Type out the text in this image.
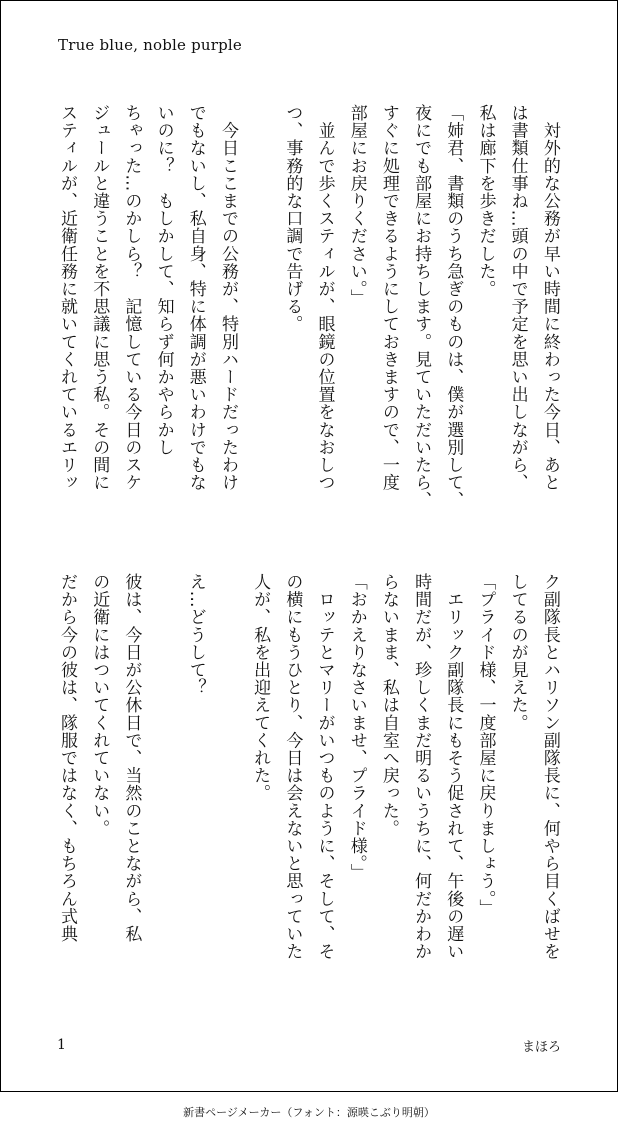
True blue, noble purple
　対外的な公務が早い時間に終わった今日、あと
は書類仕事ね…頭の中で予定を思い出しながら、
私は廊下を歩きだした。
「姉君、書類のうち急ぎのものは、僕が選別して、
夜にでも部屋にお持ちします。見ていただいたら、
すぐに処理できるようにしておきますので、一度
部屋にお戻りください。」
　並んで歩くスティルが、眼鏡の位置をなおしつ
つ、事務的な口調で告げる。
　今日ここまでの公務が、特別ハードだったわけ
でもないし、私自身、特に体調が悪いわけでもな
いのに？　もしかして、知らず何かやらかし
ちゃった…のかしら？　記憶している今日のスケ
ジュールと違うことを不思議に思う私。その間に
スティルが、近衛任務に就いてくれているエリッ
ク副隊長とハリソン副隊長に、何やら目くばせを
してるのが見えた。
「プライド様、一度部屋に戻りましょう。」
　エリック副隊長にもそう促されて、午後の遅い
時間だが、珍しくまだ明るいうちに、何だかわか
らないまま、私は自室へ戻った。
「おかえりなさいませ、プライド様。」
　ロッテとマリーがいつものように、そして、そ
の横にもうひとり、今日は会えないと思っていた
人が、私を出迎えてくれた。
え…どうして？
彼は、今日が公休日で、当然のことながら、私
の近衛にはついてくれていない。
だから今の彼は、隊服ではなく、もちろん式典
1	まほろ
新書ページメーカー（フォント：源暎こぶり明朝）
